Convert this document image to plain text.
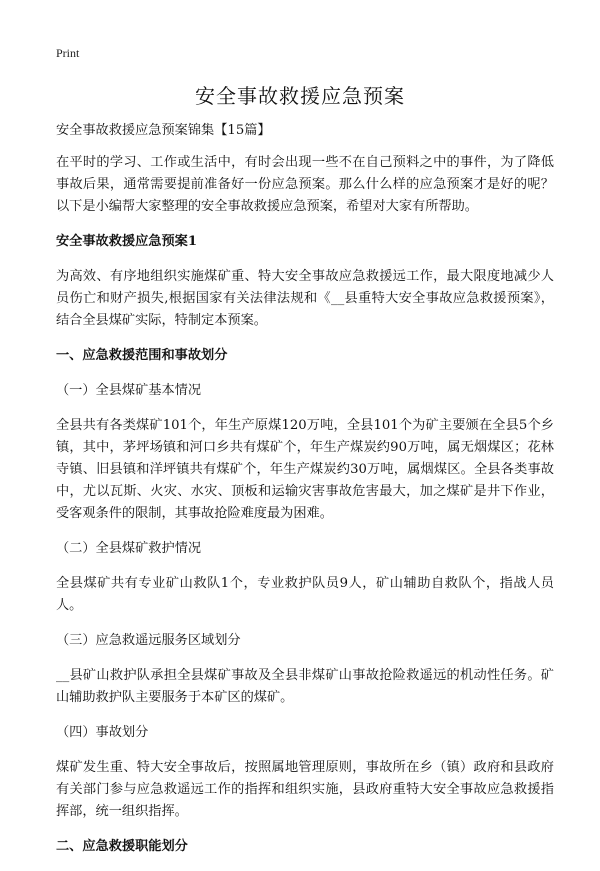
Print
安全事故救援应急预案

安全事故救援应急预案锦集【15篇】

在平时的学习、工作或生活中，有时会出现一些不在自己预料之中的事件，为了降低事故后果，通常需要提前准备好一份应急预案。那么什么样的应急预案才是好的呢？以下是小编帮大家整理的安全事故救援应急预案，希望对大家有所帮助。

安全事故救援应急预案1

为高效、有序地组织实施煤矿重、特大安全事故应急救援远工作，最大限度地减少人员伤亡和财产损失,根据国家有关法律法规和《__县重特大安全事故应急救援预案》，结合全县煤矿实际，特制定本预案。

一、应急救援范围和事故划分

（一）全县煤矿基本情况

全县共有各类煤矿101个，年生产原煤120万吨，全县101个为矿主要颁在全县5个乡镇，其中，茅坪场镇和河口乡共有煤矿个，年生产煤炭约90万吨，属无烟煤区；花林寺镇、旧县镇和洋坪镇共有煤矿个，年生产煤炭约30万吨，属烟煤区。全县各类事故中，尤以瓦斯、火灾、水灾、顶板和运输灾害事故危害最大，加之煤矿是井下作业，受客观条件的限制，其事故抢险难度最为困难。

（二）全县煤矿救护情况

全县煤矿共有专业矿山救队1个，专业救护队员9人，矿山辅助自救队个，指战人员人。

（三）应急救遥远服务区域划分

__县矿山救护队承担全县煤矿事故及全县非煤矿山事故抢险救遥远的机动性任务。矿山辅助救护队主要服务于本矿区的煤矿。

（四）事故划分

煤矿发生重、特大安全事故后，按照属地管理原则，事故所在乡（镇）政府和县政府有关部门参与应急救遥远工作的指挥和组织实施，县政府重特大安全事故应急救援指挥部，统一组织指挥。

二、应急救援职能划分
